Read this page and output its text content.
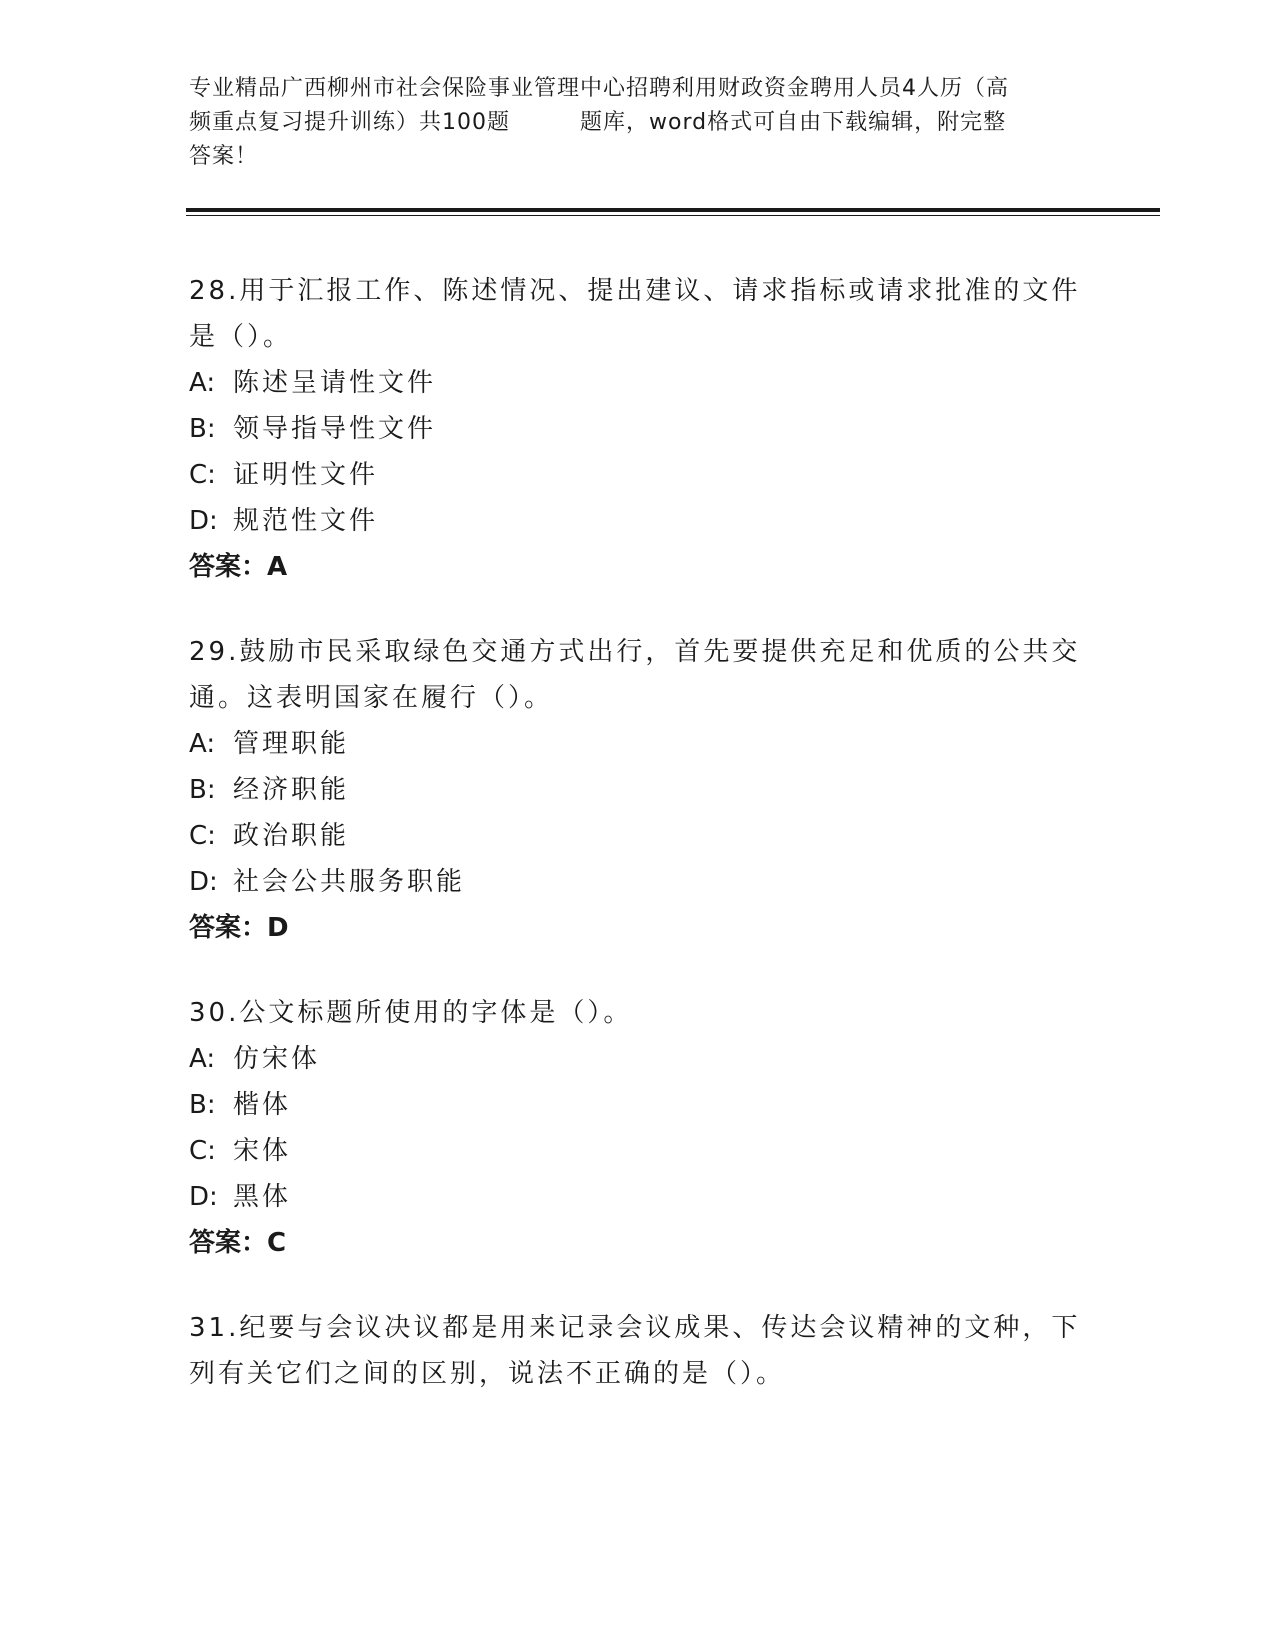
专业精品广西柳州市社会保险事业管理中心招聘利用财政资金聘用人员4人历（高
频重点复习提升训练）共100题	题库，word格式可自由下载编辑，附完整
答案！
28.用于汇报工作、陈述情况、提出建议、请求指标或请求批准的文件是（）。
A: 陈述呈请性文件
B: 领导指导性文件
C: 证明性文件
D: 规范性文件
答案：A
29.鼓励市民采取绿色交通方式出行，首先要提供充足和优质的公共交通。这表明国家在履行（）。
A: 管理职能
B: 经济职能
C: 政治职能
D: 社会公共服务职能
答案：D
30.公文标题所使用的字体是（）。
A: 仿宋体
B: 楷体
C: 宋体
D: 黑体
答案：C
31.纪要与会议决议都是用来记录会议成果、传达会议精神的文种，下列有关它们之间的区别，说法不正确的是（）。
